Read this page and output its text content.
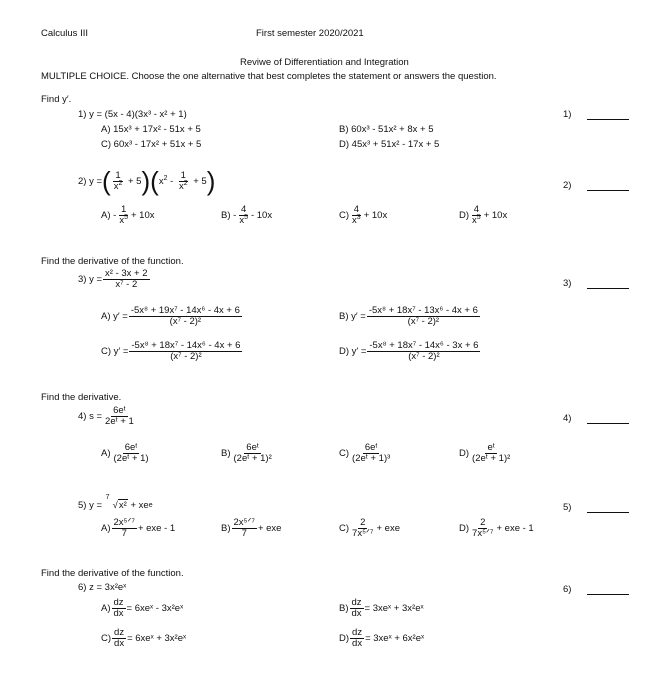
Calculus III	First semester 2020/2021
Reviwe of Differentiation and Integration
MULTIPLE CHOICE. Choose the one alternative that best completes the statement or answers the question.
Find y′.
1) y = (5x - 4)(3x³ - x² + 1)
A) 15x³ + 17x² - 51x + 5	B) 60x³ - 51x² + 8x + 5
C) 60x³ - 17x² + 51x + 5	D) 45x³ + 51x² - 17x + 5
1)
2) y = ( $\frac{1}{x^2} + 5$ ) ( $x^2 - \frac{1}{x^2} + 5$ )	2)
$A) - \frac{1}{x^5} + 10x$	$B) - \frac{4}{x^5} - 10x$	$C) \frac{4}{x^3} + 10x$	$D) \frac{4}{x^5} + 10x$
Find the derivative of the function.
3) $y = \frac{\text{x² - 3x + 2}}{\text{x⁷ - 2}}$	3)
A) $y' = \frac{\text{-5x⁸ + 19x⁷ - 14x⁶ - 4x + 6}}{\text{(x⁷ - 2)²}}$	B) $y' = \frac{\text{-5x⁸ + 18x⁷ - 13x⁶ - 4x + 6}}{\text{(x⁷ - 2)²}}$
C) $y' = \frac{\text{-5x⁸ + 18x⁷ - 14x⁶ - 4x + 6}}{\text{(x⁷ - 2)²}}$	D) $y' = \frac{\text{-5x⁸ + 18x⁷ - 14x⁶ - 3x + 6}}{\text{(x⁷ - 2)²}}$
Find the derivative.
4) $s = \frac{\text{6eᵗ}}{\text{2eᵗ + 1}}$	4)
$A) \frac{\text{6eᵗ}}{\text{(2eᵗ + 1)}}$	$B) \frac{\text{6eᵗ}}{\text{(2eᵗ + 1)²}}$	$C) \frac{\text{6eᵗ}}{\text{(2eᵗ + 1)³}}$	$D) \frac{\text{eᵗ}}{\text{(2eᵗ + 1)²}}$
5) y =

7
√x²
+ xe e	5)
$A) \frac{\text{2x⁵ᐟ⁷}}{7}$ + exe - 1	$B) \frac{\text{2x⁵ᐟ⁷}}{7}$ + exe	$C) \frac{2}{\text{7x⁵ᐟ⁷}}$ + exe	$D) \frac{2}{\text{7x⁵ᐟ⁷}}$ + exe - 1
Find the derivative of the function.
6) z = 3x²eˣ	6)
$A) \frac{dz}{dx}$ = 6xeˣ - 3x²eˣ	$B) \frac{dz}{dx}$ = 3xeˣ + 3x²eˣ
$C) \frac{dz}{dx}$ = 6xeˣ + 3x²eˣ	$D) \frac{dz}{dx}$ = 3xeˣ + 6x²eˣ
